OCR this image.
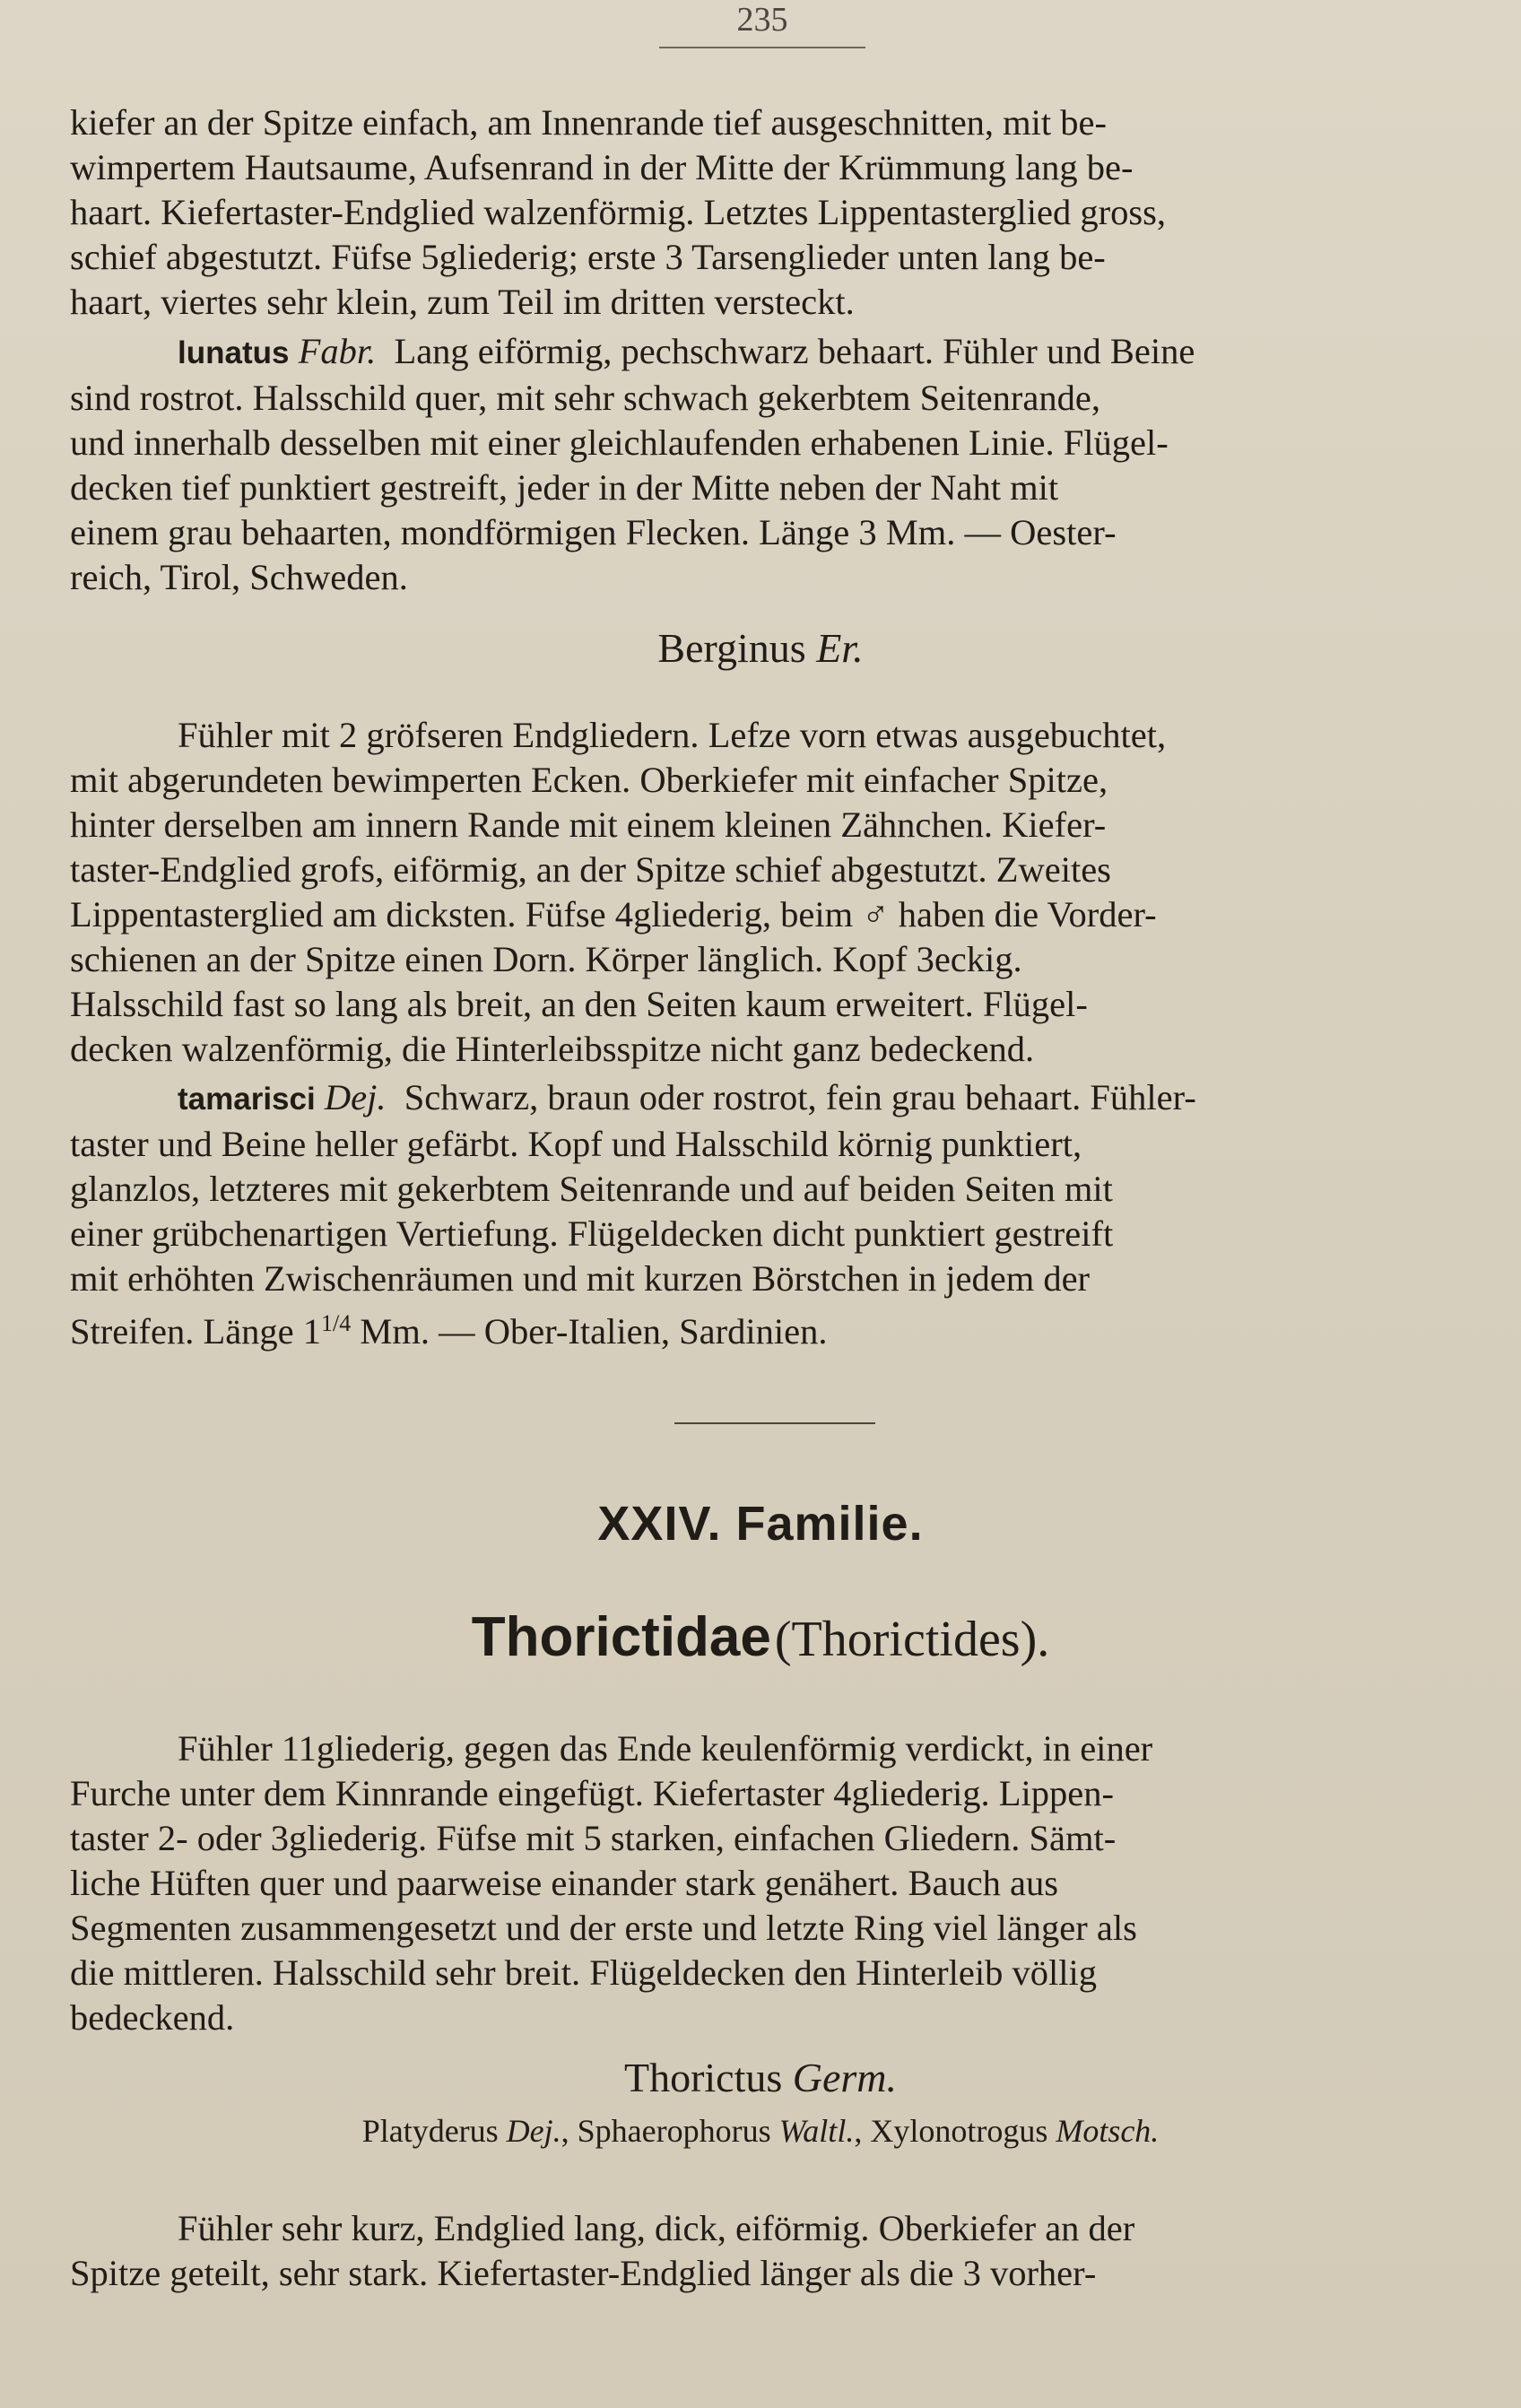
235

kiefer an der Spitze einfach, am Innenrande tief ausgeschnitten, mit be-

wimpertem Hautsaume, Aufsenrand in der Mitte der Krümmung lang be-

haart. Kiefertaster-Endglied walzenförmig. Letztes Lippentasterglied gross,

schief abgestutzt. Füfse 5gliederig; erste 3 Tarsenglieder unten lang be-

haart, viertes sehr klein, zum Teil im dritten versteckt.

lunatus Fabr. Lang eiförmig, pechschwarz behaart. Fühler und Beine

sind rostrot. Halsschild quer, mit sehr schwach gekerbtem Seitenrande,

und innerhalb desselben mit einer gleichlaufenden erhabenen Linie. Flügel-

decken tief punktiert gestreift, jeder in der Mitte neben der Naht mit

einem grau behaarten, mondförmigen Flecken. Länge 3 Mm. — Oester-

reich, Tirol, Schweden.

Berginus Er.

Fühler mit 2 gröfseren Endgliedern. Lefze vorn etwas ausgebuchtet,

mit abgerundeten bewimperten Ecken. Oberkiefer mit einfacher Spitze,

hinter derselben am innern Rande mit einem kleinen Zähnchen. Kiefer-

taster-Endglied grofs, eiförmig, an der Spitze schief abgestutzt. Zweites

Lippentasterglied am dicksten. Füfse 4gliederig, beim ♂ haben die Vorder-

schienen an der Spitze einen Dorn. Körper länglich. Kopf 3eckig.

Halsschild fast so lang als breit, an den Seiten kaum erweitert. Flügel-

decken walzenförmig, die Hinterleibsspitze nicht ganz bedeckend.

tamarisci Dej. Schwarz, braun oder rostrot, fein grau behaart. Fühler-

taster und Beine heller gefärbt. Kopf und Halsschild körnig punktiert,

glanzlos, letzteres mit gekerbtem Seitenrande und auf beiden Seiten mit

einer grübchenartigen Vertiefung. Flügeldecken dicht punktiert gestreift

mit erhöhten Zwischenräumen und mit kurzen Börstchen in jedem der

Streifen. Länge $1^{1/4}$ Mm. — Ober-Italien, Sardinien.

XXIV. Familie.
Thorictidae (Thorictides).

Fühler 11gliederig, gegen das Ende keulenförmig verdickt, in einer

Furche unter dem Kinnrande eingefügt. Kiefertaster 4gliederig. Lippen-

taster 2- oder 3gliederig. Füfse mit 5 starken, einfachen Gliedern. Sämt-

liche Hüften quer und paarweise einander stark genähert. Bauch aus

Segmenten zusammengesetzt und der erste und letzte Ring viel länger als

die mittleren. Halsschild sehr breit. Flügeldecken den Hinterleib völlig

bedeckend.

Thorictus Germ.
Platyderus Dej., Sphaerophorus Waltl., Xylonotrogus Motsch.

Fühler sehr kurz, Endglied lang, dick, eiförmig. Oberkiefer an der

Spitze geteilt, sehr stark. Kiefertaster-Endglied länger als die 3 vorher-
